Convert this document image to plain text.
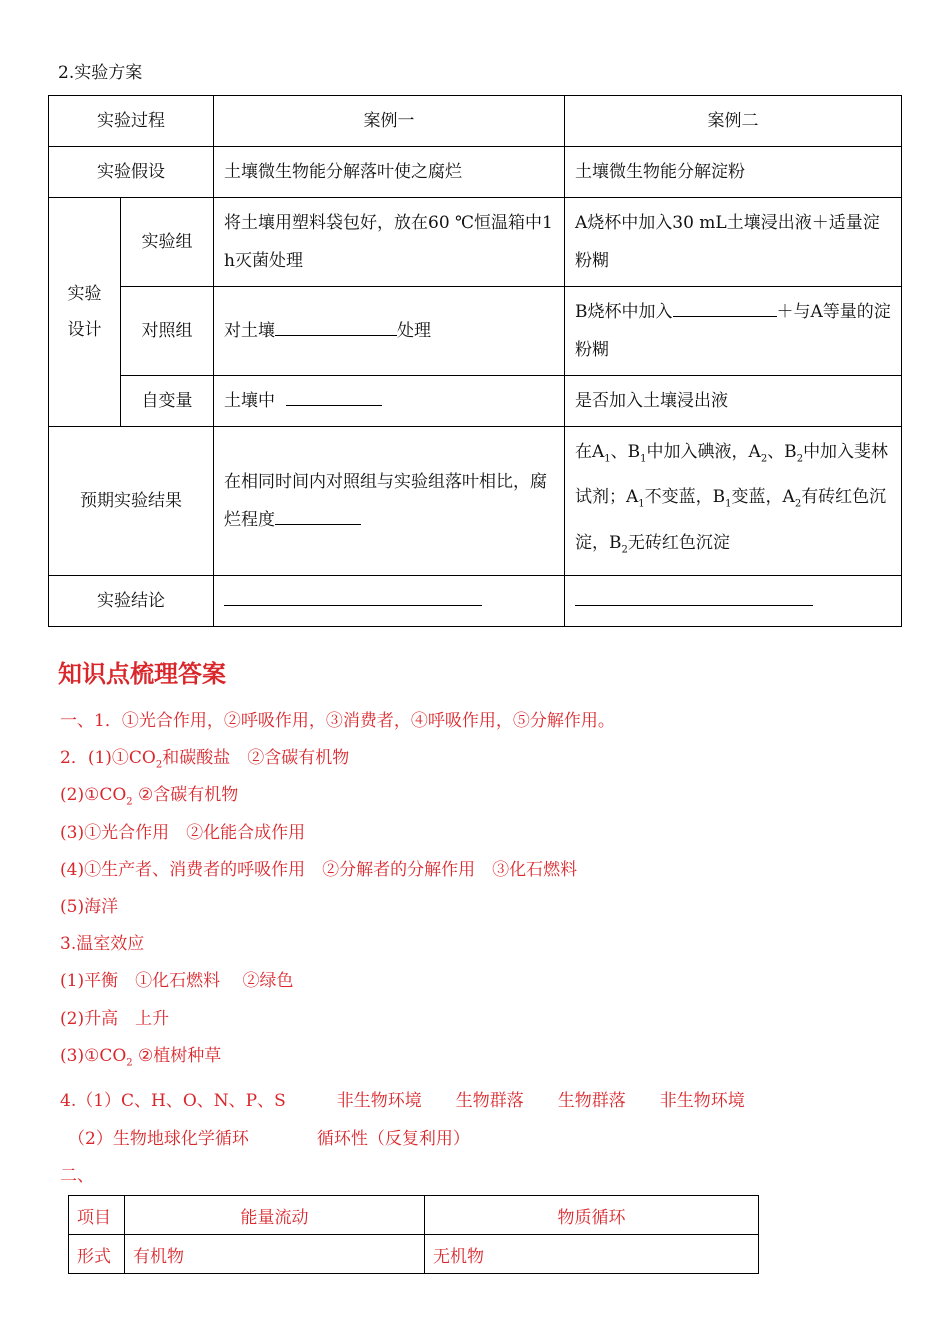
2.实验方案
实验过程		案例一	案例二
实验假设		土壤微生物能分解落叶使之腐烂	土壤微生物能分解淀粉
实验
设计	实验组	将土壤用塑料袋包好，放在60 ℃恒温箱中1 h灭菌处理	A烧杯中加入30 mL土壤浸出液＋适量淀粉糊
	对照组	对土壤 处理	B烧杯中加入 ＋与A等量的淀粉糊
	自变量	土壤中	是否加入土壤浸出液
预期实验结果		在相同时间内对照组与实验组落叶相比，腐烂程度	在$A_1$、$B_1$中加入碘液，$A_2$、$B_2$中加入斐林试剂；$A_1$不变蓝，$B_1$变蓝，$A_2$有砖红色沉淀，$B_2$无砖红色沉淀
实验结论			
知识点梳理答案
一、1．①光合作用，②呼吸作用，③消费者，④呼吸作用，⑤分解作用。
2．$(1)①CO_2$和碳酸盐　②含碳有机物
$(2)①CO_2$ ②含碳有机物
(3)①光合作用　②化能合成作用
(4)①生产者、消费者的呼吸作用　②分解者的分解作用　③化石燃料
(5)海洋
3.温室效应
(1)平衡　①化石燃料　 ②绿色
(2)升高　上升
$(3)①CO_2$ ②植树种草
4.（1）C、H、O、N、P、S　　　非生物环境　　生物群落　　生物群落　　非生物环境
（2）生物地球化学循环　　　　循环性（反复利用）
二、
项目	能量流动	物质循环
形式	有机物	无机物
